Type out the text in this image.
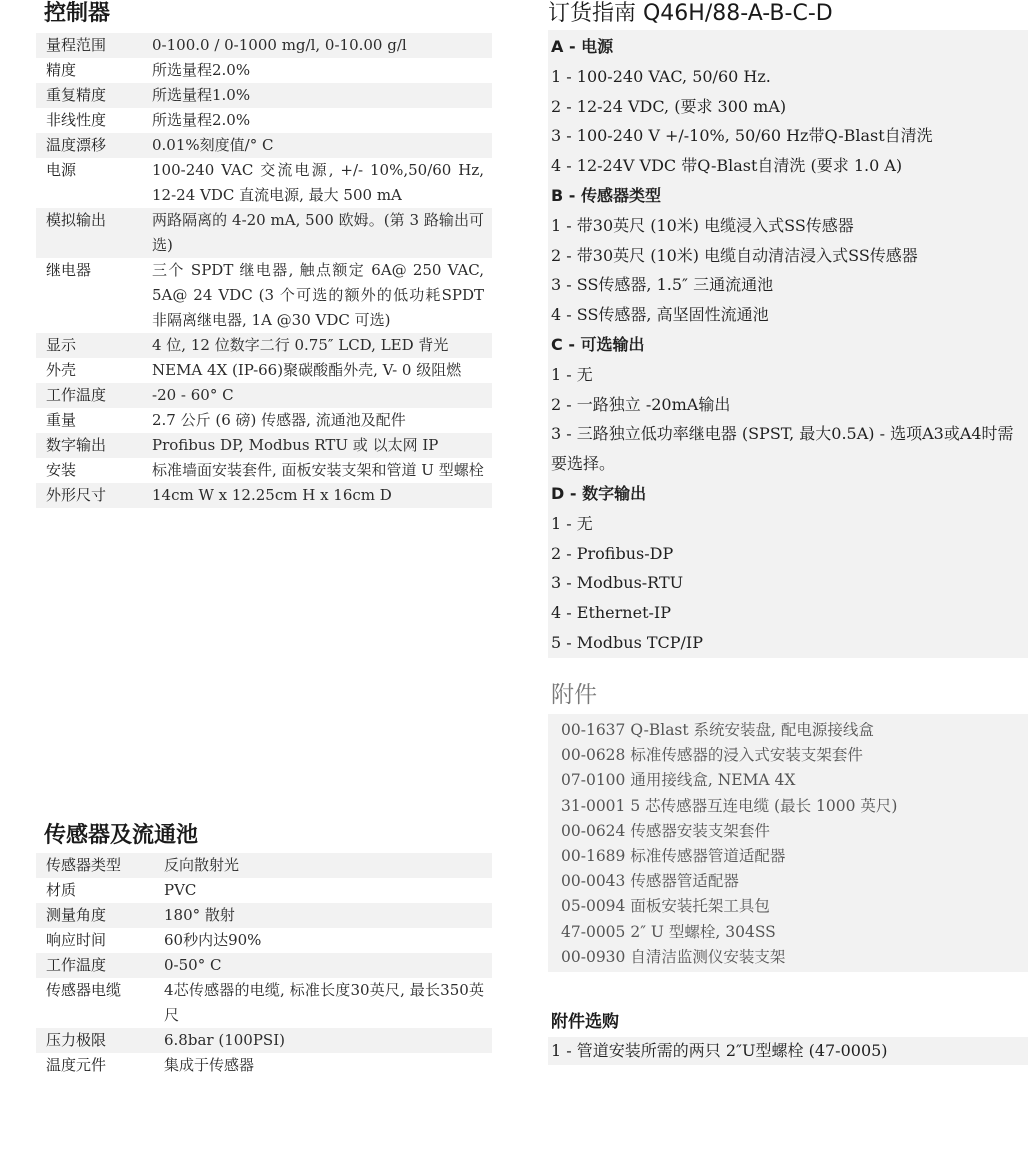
控制器
量程范围	0-100.0 / 0-1000 mg/l, 0-10.00 g/l
精度	所选量程2.0%
重复精度	所选量程1.0%
非线性度	所选量程2.0%
温度漂移	0.01%刻度值/° C
电源	100-240 VAC 交流电源, +/- 10%,50/60 Hz, 12-24 VDC 直流电源, 最大 500 mA
模拟输出	两路隔离的 4-20 mA, 500 欧姆。(第 3 路输出可选)
继电器	三个 SPDT 继电器, 触点额定 6A@ 250 VAC, 5A@ 24 VDC (3 个可选的额外的低功耗SPDT 非隔离继电器, 1A @30 VDC 可选)
显示	4 位, 12 位数字二行 0.75″ LCD, LED 背光
外壳	NEMA 4X (IP-66)聚碳酸酯外壳, V- 0 级阻燃
工作温度	-20 - 60° C
重量	2.7 公斤 (6 磅) 传感器, 流通池及配件
数字输出	Profibus DP, Modbus RTU 或 以太网 IP
安装	标准墙面安装套件, 面板安装支架和管道 U 型螺栓
外形尺寸	14cm W x 12.25cm H x 16cm D
传感器及流通池
传感器类型	反向散射光
材质	PVC
测量角度	180° 散射
响应时间	60秒内达90%
工作温度	0-50° C
传感器电缆	4芯传感器的电缆, 标准长度30英尺, 最长350英尺
压力极限	6.8bar (100PSI)
温度元件	集成于传感器
订货指南 Q46H/88-A-B-C-D
A - 电源
1 - 100-240 VAC, 50/60 Hz.
2 - 12-24 VDC, (要求 300 mA)
3 - 100-240 V +/-10%, 50/60 Hz带Q-Blast自清洗
4 - 12-24V VDC 带Q-Blast自清洗 (要求 1.0 A)
B - 传感器类型
1 - 带30英尺 (10米) 电缆浸入式SS传感器
2 - 带30英尺 (10米) 电缆自动清洁浸入式SS传感器
3 - SS传感器, 1.5″ 三通流通池
4 - SS传感器, 高坚固性流通池
C - 可选输出
1 - 无
2 - 一路独立 -20mA输出
3 - 三路独立低功率继电器 (SPST, 最大0.5A) - 选项A3或A4时需要选择。
D - 数字输出
1 - 无
2 - Profibus-DP
3 - Modbus-RTU
4 - Ethernet-IP
5 - Modbus TCP/IP
附件
00-1637 Q-Blast 系统安装盘, 配电源接线盒
00-0628 标准传感器的浸入式安装支架套件
07-0100 通用接线盒, NEMA 4X
31-0001 5 芯传感器互连电缆 (最长 1000 英尺)
00-0624 传感器安装支架套件
00-1689 标准传感器管道适配器
00-0043 传感器管适配器
05-0094 面板安装托架工具包
47-0005 2″ U 型螺栓, 304SS
00-0930 自清洁监测仪安装支架
附件选购
1 - 管道安装所需的两只 2″U型螺栓 (47-0005)
